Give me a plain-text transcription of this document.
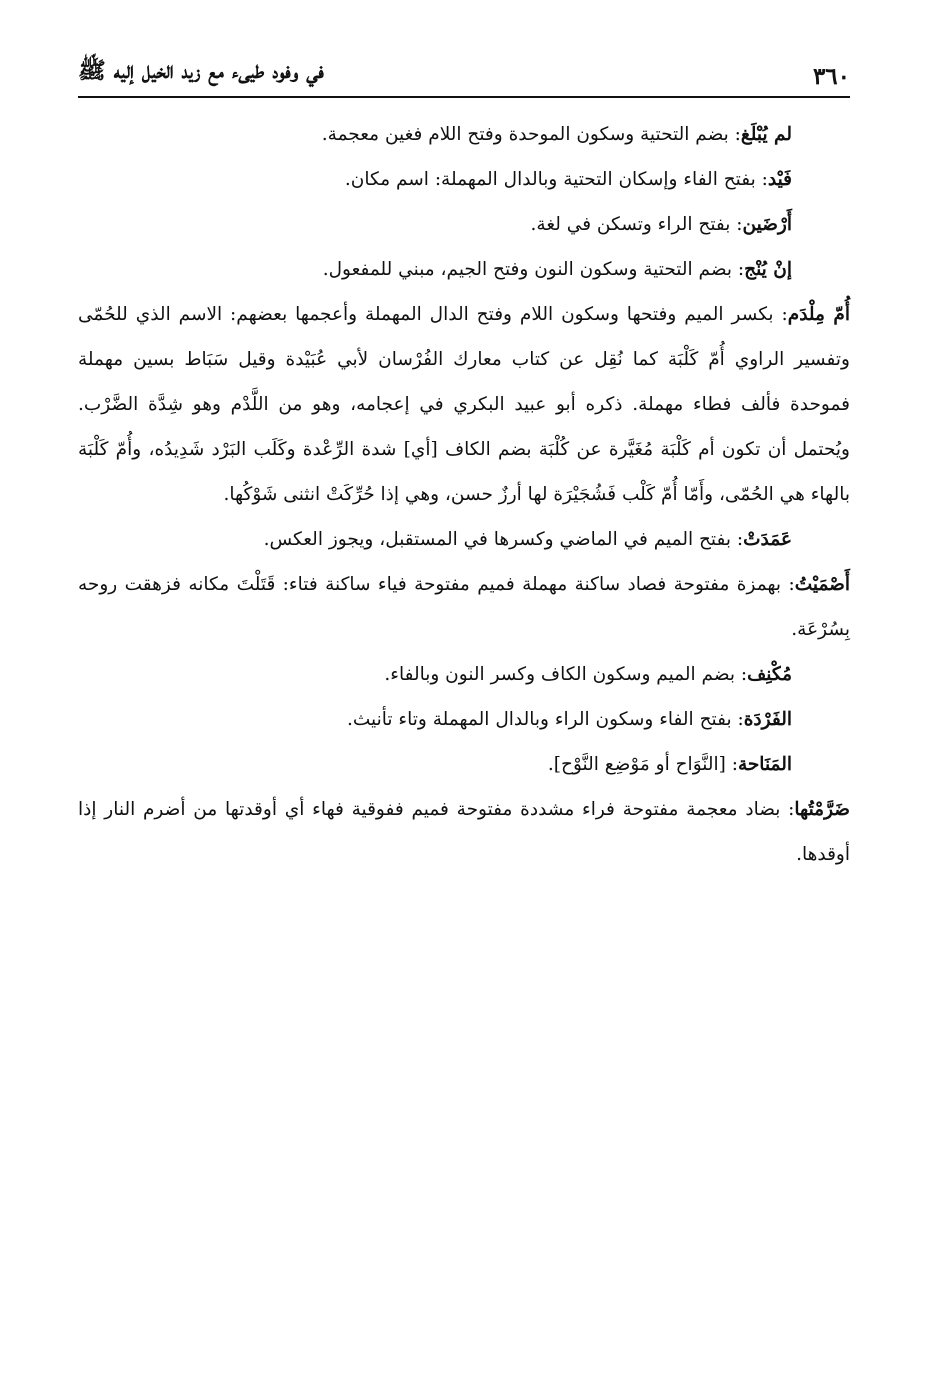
٣٦٠
في وفود طيىء مع زيد الخيل إليه ﷺ

لم يُبْلَغ: بضم التحتية وسكون الموحدة وفتح اللام فغين معجمة.

فَيْد: بفتح الفاء وإسكان التحتية وبالدال المهملة: اسم مكان.

أَرْضَين: بفتح الراء وتسكن في لغة.

إنْ يُنْج: بضم التحتية وسكون النون وفتح الجيم، مبني للمفعول.

أُمّ مِلْدَم: بكسر الميم وفتحها وسكون اللام وفتح الدال المهملة وأعجمها بعضهم: الاسم الذي للحُمّى وتفسير الراوي أُمّ كَلْبَة كما نُقِل عن كتاب معارك الفُرْسان لأبي عُبَيْدة وقيل سَبَاط بسين مهملة فموحدة فألف فطاء مهملة. ذكره أبو عبيد البكري في إعجامه، وهو من اللَّدْم وهو شِدَّة الضَّرْب. ويُحتمل أن تكون أم كَلْبَة مُغَيَّرة عن كُلْبَة بضم الكاف [أي] شدة الرِّعْدة وكَلَب البَرْد شَدِيدُه، وأُمّ كَلْبَة بالهاء هي الحُمّى، وأَمّا أُمّ كَلْب فَشُجَيْرَة لها أرزٌ حسن، وهي إذا حُرِّكَتْ انثنى شَوْكُها.

عَمَدَتْ: بفتح الميم في الماضي وكسرها في المستقبل، ويجوز العكس.

أَصْمَيْتُ: بهمزة مفتوحة فصاد ساكنة مهملة فميم مفتوحة فياء ساكنة فتاء: قَتَلْتَ مكانه فزهقت روحه بِسُرْعَة.

مُكْنِف: بضم الميم وسكون الكاف وكسر النون وبالفاء.

الفَرْدَة: بفتح الفاء وسكون الراء وبالدال المهملة وتاء تأنيث.

المَنَاحة: [النَّوَاح أو مَوْضِع النَّوْح].

ضَرَّمْتُها: بضاد معجمة مفتوحة فراء مشددة مفتوحة فميم ففوقية فهاء أي أوقدتها من أضرم النار إذا أوقدها.
